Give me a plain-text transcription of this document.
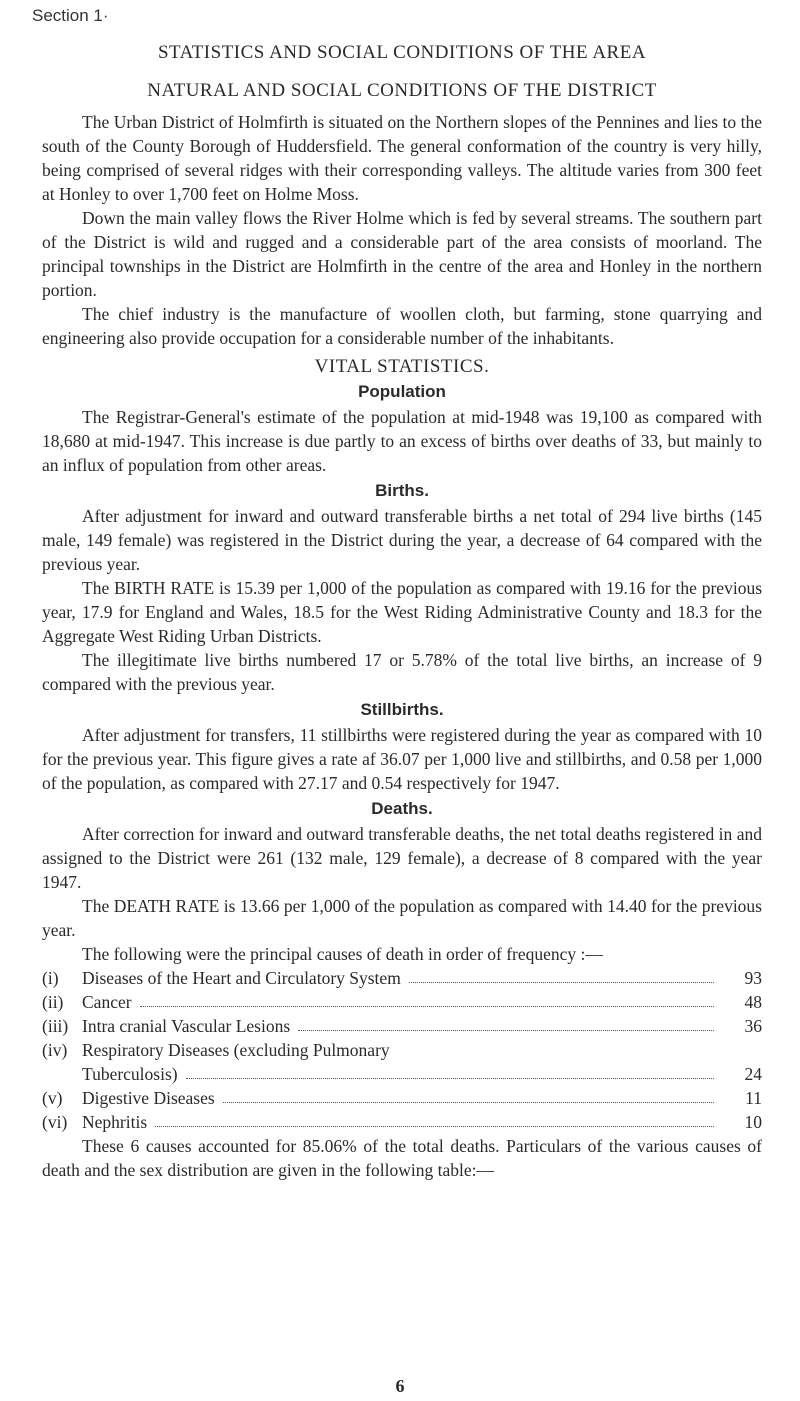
Section 1·
STATISTICS AND SOCIAL CONDITIONS OF THE AREA
NATURAL AND SOCIAL CONDITIONS OF THE DISTRICT

The Urban District of Holmfirth is situated on the Northern slopes of the Pennines and lies to the south of the County Borough of Huddersfield. The general conformation of the country is very hilly, being comprised of several ridges with their corresponding valleys. The altitude varies from 300 feet at Honley to over 1,700 feet on Holme Moss.

Down the main valley flows the River Holme which is fed by several streams. The southern part of the District is wild and rugged and a considerable part of the area consists of moorland. The principal townships in the District are Holmfirth in the centre of the area and Honley in the northern portion.

The chief industry is the manufacture of woollen cloth, but farming, stone quarrying and engineering also provide occupation for a considerable number of the inhabitants.

VITAL STATISTICS.
Population

The Registrar-General's estimate of the population at mid-1948 was 19,100 as compared with 18,680 at mid-1947. This increase is due partly to an excess of births over deaths of 33, but mainly to an influx of population from other areas.

Births.

After adjustment for inward and outward transferable births a net total of 294 live births (145 male, 149 female) was registered in the District during the year, a decrease of 64 compared with the previous year.

The BIRTH RATE is 15.39 per 1,000 of the population as compared with 19.16 for the previous year, 17.9 for England and Wales, 18.5 for the West Riding Administrative County and 18.3 for the Aggregate West Riding Urban Districts.

The illegitimate live births numbered 17 or 5.78% of the total live births, an increase of 9 compared with the previous year.

Stillbirths.

After adjustment for transfers, 11 stillbirths were registered during the year as compared with 10 for the previous year. This figure gives a rate af 36.07 per 1,000 live and stillbirths, and 0.58 per 1,000 of the population, as compared with 27.17 and 0.54 respectively for 1947.

Deaths.

After correction for inward and outward transferable deaths, the net total deaths registered in and assigned to the District were 261 (132 male, 129 female), a decrease of 8 compared with the year 1947.

The DEATH RATE is 13.66 per 1,000 of the population as compared with 14.40 for the previous year.

The following were the principal causes of death in order of frequency :—

(i)	Diseases of the Heart and Circulatory System	93
(ii)	Cancer	48
(iii) Intra cranial Vascular Lesions	36
(iv) Respiratory Diseases (excluding Pulmonary
Tuberculosis)	24
(v)	Digestive Diseases	11
(vi) Nephritis	10

These 6 causes accounted for 85.06% of the total deaths. Particulars of the various causes of death and the sex distribution are given in the following table:—

6
